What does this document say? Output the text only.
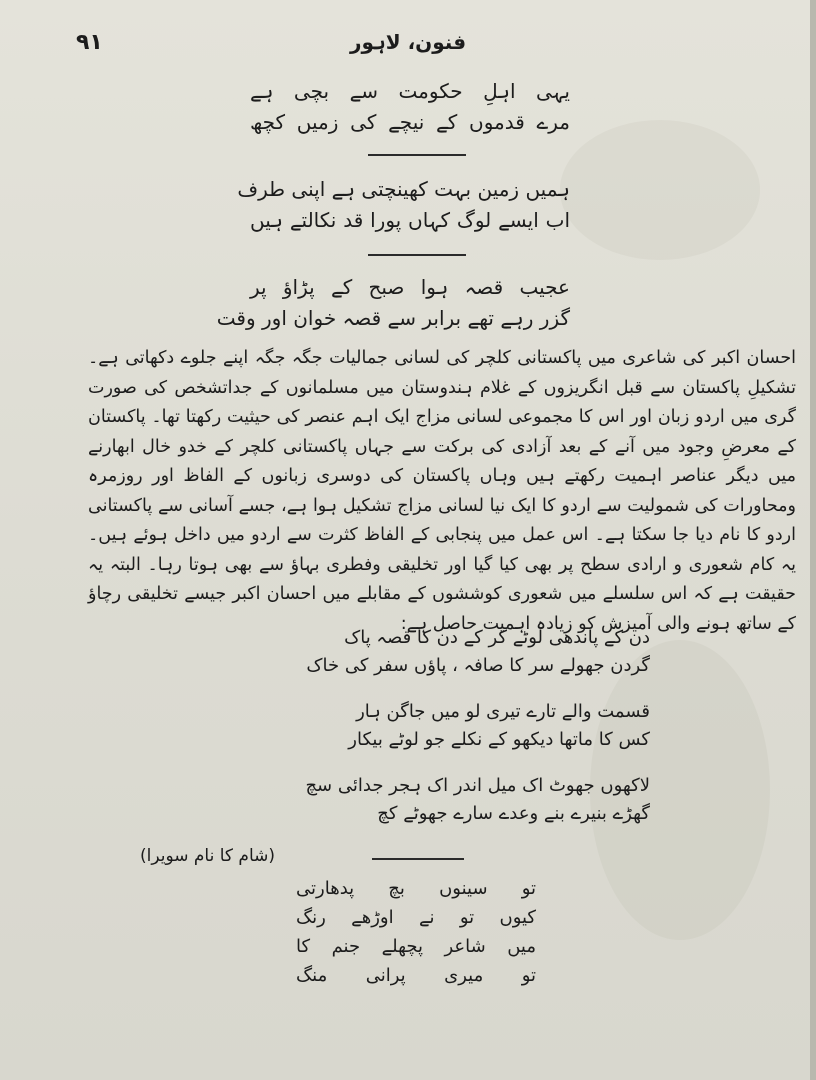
۹۱	فنون، لاہور
یہی اہلِ حکومت سے بچی ہے
مرے قدموں کے نیچے کی زمیں کچھ
ہمیں زمین بہت کھینچتی ہے اپنی طرف
اب ایسے لوگ کہاں پورا قد نکالتے ہیں
عجیب قصہ ہوا صبح کے پڑاؤ پر
گزر رہے تھے برابر سے قصہ خوان اور وقت
احسان اکبر کی شاعری میں پاکستانی کلچر کی لسانی جمالیات جگہ جگہ اپنے جلوے دکھاتی ہے۔ تشکیلِ پاکستان سے قبل انگریزوں کے غلام ہندوستان میں مسلمانوں کے جداتشخص کی صورت گری میں اردو زبان اور اس کا مجموعی لسانی مزاج ایک اہم عنصر کی حیثیت رکھتا تھا۔ پاکستان کے معرضِ وجود میں آنے کے بعد آزادی کی برکت سے جہاں پاکستانی کلچر کے خدو خال ابھارنے میں دیگر عناصر اہمیت رکھتے ہیں وہاں پاکستان کی دوسری زبانوں کے الفاظ اور روزمرہ ومحاورات کی شمولیت سے اردو کا ایک نیا لسانی مزاج تشکیل ہوا ہے، جسے آسانی سے پاکستانی اردو کا نام دیا جا سکتا ہے۔ اس عمل میں پنجابی کے الفاظ کثرت سے اردو میں داخل ہوئے ہیں۔ یہ کام شعوری و ارادی سطح پر بھی کیا گیا اور تخلیقی وفطری بہاؤ سے بھی ہوتا رہا۔ البتہ یہ حقیقت ہے کہ اس سلسلے میں شعوری کوششوں کے مقابلے میں احسان اکبر جیسے تخلیقی رچاؤ کے ساتھ ہونے والی آمیزش کو زیادہ اہمیت حاصل ہے:
دن کے پاندھی لوٹے کر کے دن کا قصہ پاک
گردن جھولے سر کا صافہ ، پاؤں سفر کی خاک
قسمت والے تارے تیری لو میں جاگن ہار
کس کا ماتھا دیکھو کے نکلے جو لوٹے بیکار
لاکھوں جھوٹ اک میل اندر اک ہجر جدائی سچ
گھڑے بنیرے بنے وعدے سارے جھوٹے کچ
(شام کا نام سویرا)
تو
سینوں
بچ
پدھارتی
کیوں
تو
نے
اوڑھے
رنگ
میں
شاعر
پچھلے
جنم
کا
تو
میری
پرانی
منگ
